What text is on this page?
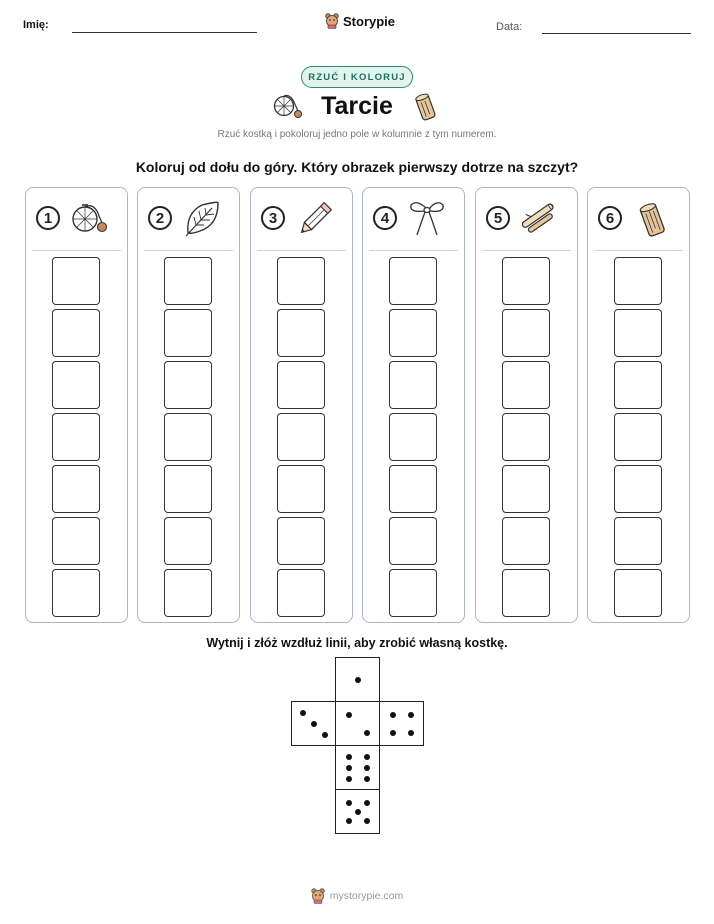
Imię:	Storypie	Data:
RZUĆ I KOLORUJ
Tarcie
Rzuć kostką i pokoloruj jedno pole w kolumnie z tym numerem.
Koloruj od dołu do góry. Który obrazek pierwszy dotrze na szczyt?
1	2	3	4	5	6
Wytnij i złóż wzdłuż linii, aby zrobić własną kostkę.
mystorypie.com
